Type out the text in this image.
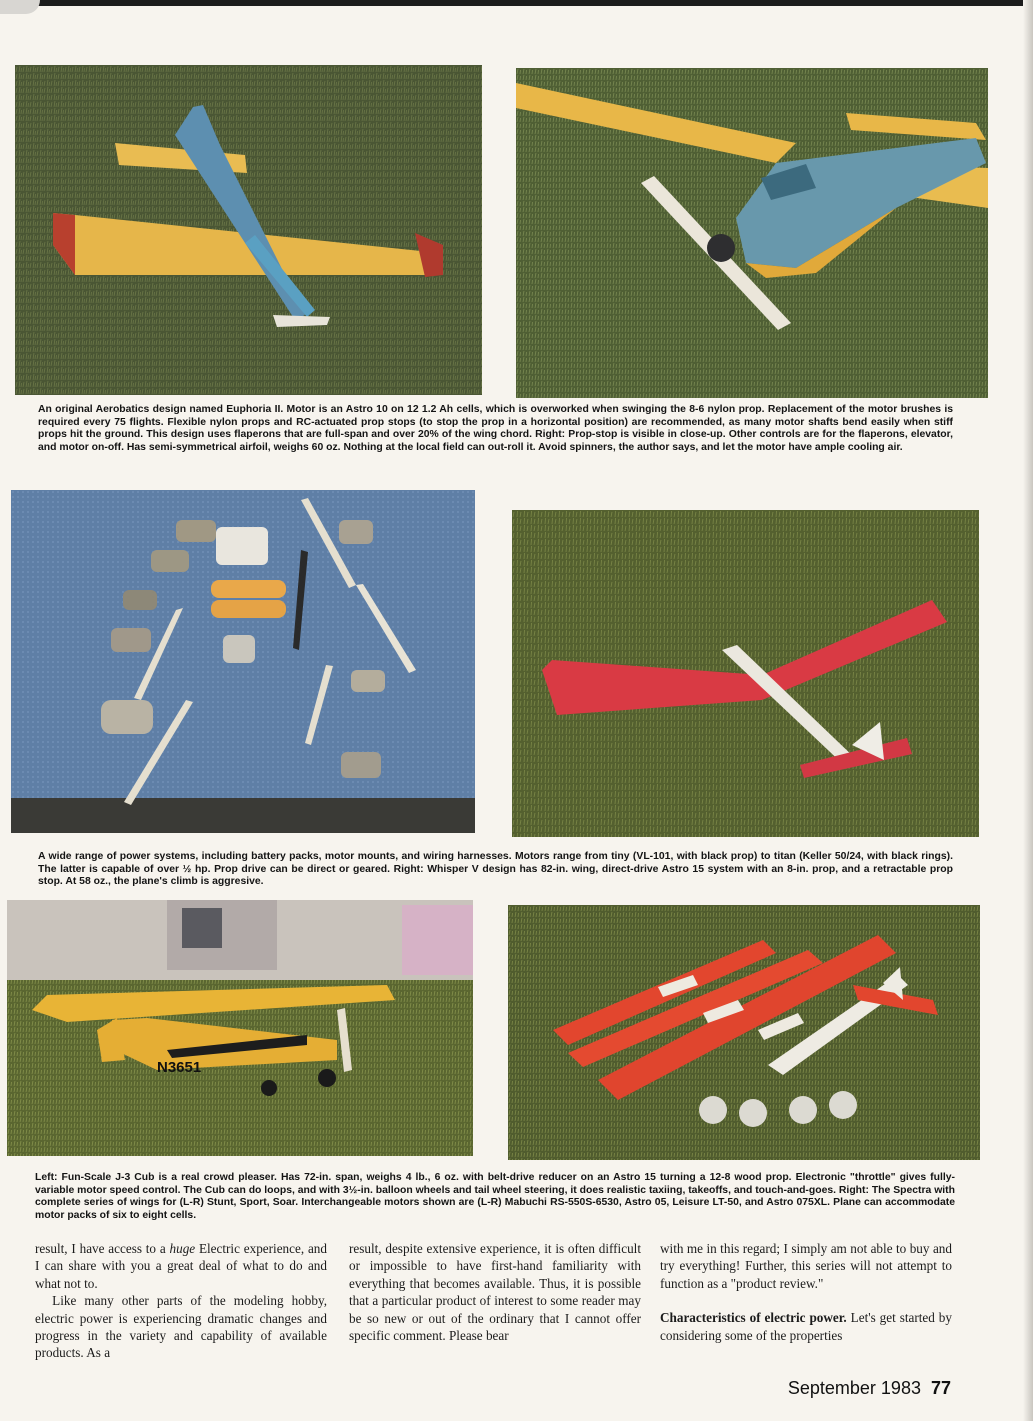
An original Aerobatics design named Euphoria II. Motor is an Astro 10 on 12 1.2 Ah cells, which is overworked when swinging the 8-6 nylon prop. Replacement of the motor brushes is required every 75 flights. Flexible nylon props and RC-actuated prop stops (to stop the prop in a horizontal position) are recommended, as many motor shafts bend easily when stiff props hit the ground. This design uses flaperons that are full-span and over 20% of the wing chord. Right: Prop-stop is visible in close-up. Other controls are for the flaperons, elevator, and motor on-off. Has semi-symmetrical airfoil, weighs 60 oz. Nothing at the local field can out-roll it. Avoid spinners, the author says, and let the motor have ample cooling air.

A wide range of power systems, including battery packs, motor mounts, and wiring harnesses. Motors range from tiny (VL-101, with black prop) to titan (Keller 50/24, with black rings). The latter is capable of over ½ hp. Prop drive can be direct or geared. Right: Whisper V design has 82-in. wing, direct-drive Astro 15 system with an 8-in. prop, and a retractable prop stop. At 58 oz., the plane's climb is aggresive.

N3651

Left: Fun-Scale J-3 Cub is a real crowd pleaser. Has 72-in. span, weighs 4 lb., 6 oz. with belt-drive reducer on an Astro 15 turning a 12-8 wood prop. Electronic "throttle" gives fully-variable motor speed control. The Cub can do loops, and with 3½-in. balloon wheels and tail wheel steering, it does realistic taxiing, takeoffs, and touch-and-goes. Right: The Spectra with complete series of wings for (L-R) Stunt, Sport, Soar. Interchangeable motors shown are (L-R) Mabuchi RS-550S-6530, Astro 05, Leisure LT-50, and Astro 075XL. Plane can accommodate motor packs of six to eight cells.

result, I have access to a huge Electric experience, and I can share with you a great deal of what to do and what not to.

Like many other parts of the modeling hobby, electric power is experiencing dramatic changes and progress in the variety and capability of available products. As a

result, despite extensive experience, it is often difficult or impossible to have first-hand familiarity with everything that becomes available. Thus, it is possible that a particular product of interest to some reader may be so new or out of the ordinary that I cannot offer specific comment. Please bear

with me in this regard; I simply am not able to buy and try everything! Further, this series will not attempt to function as a "product review."

Characteristics of electric power. Let's get started by considering some of the properties

September 1983 77
